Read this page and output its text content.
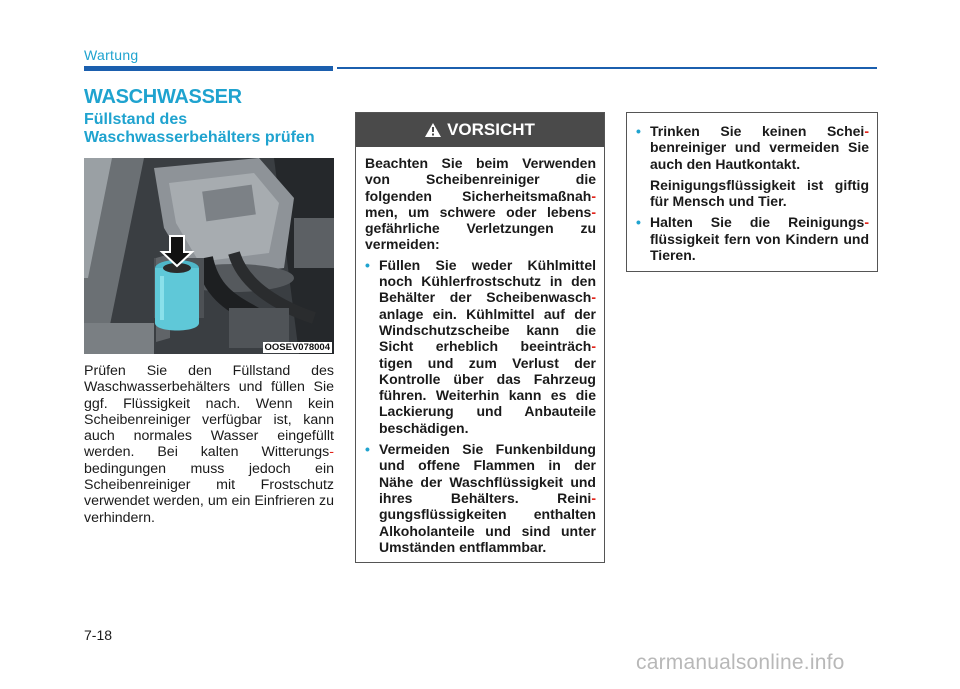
Wartung
WASCHWASSER
Füllstand des Waschwasserbehälters prüfen
OOSEV078004
Prüfen Sie den Füllstand des Waschwasserbehälters und füllen Sie ggf. Flüssigkeit nach. Wenn kein Scheibenreiniger verfügbar ist, kann auch normales Wasser eingefüllt werden. Bei kalten Witterungs-bedingungen muss jedoch ein Scheibenreiniger mit Frostschutz verwendet werden, um ein Einfrieren zu verhindern.
VORSICHT

Beachten Sie beim Verwenden von Scheibenreiniger die folgenden Sicherheitsmaßnah- men, um schwere oder lebens- gefährliche Verletzungen zu vermeiden:

• Füllen Sie weder Kühlmittel noch Kühlerfrostschutz in den Behälter der Scheibenwasch- anlage ein. Kühlmittel auf der Windschutzscheibe kann die Sicht erheblich beeinträch- tigen und zum Verlust der Kontrolle über das Fahrzeug führen. Weiterhin kann es die Lackierung und Anbauteile beschädigen.
• Vermeiden Sie Funkenbildung und offene Flammen in der Nähe der Waschflüssigkeit und ihres Behälters. Reini- gungsflüssigkeiten enthalten Alkoholanteile und sind unter Umständen entflammbar.
• Trinken Sie keinen Schei- benreiniger und vermeiden Sie auch den Hautkontakt.
Reinigungsflüssigkeit ist giftig für Mensch und Tier.
• Halten Sie die Reinigungs- flüssigkeit fern von Kindern und Tieren.
7-18
carmanualsonline.info
